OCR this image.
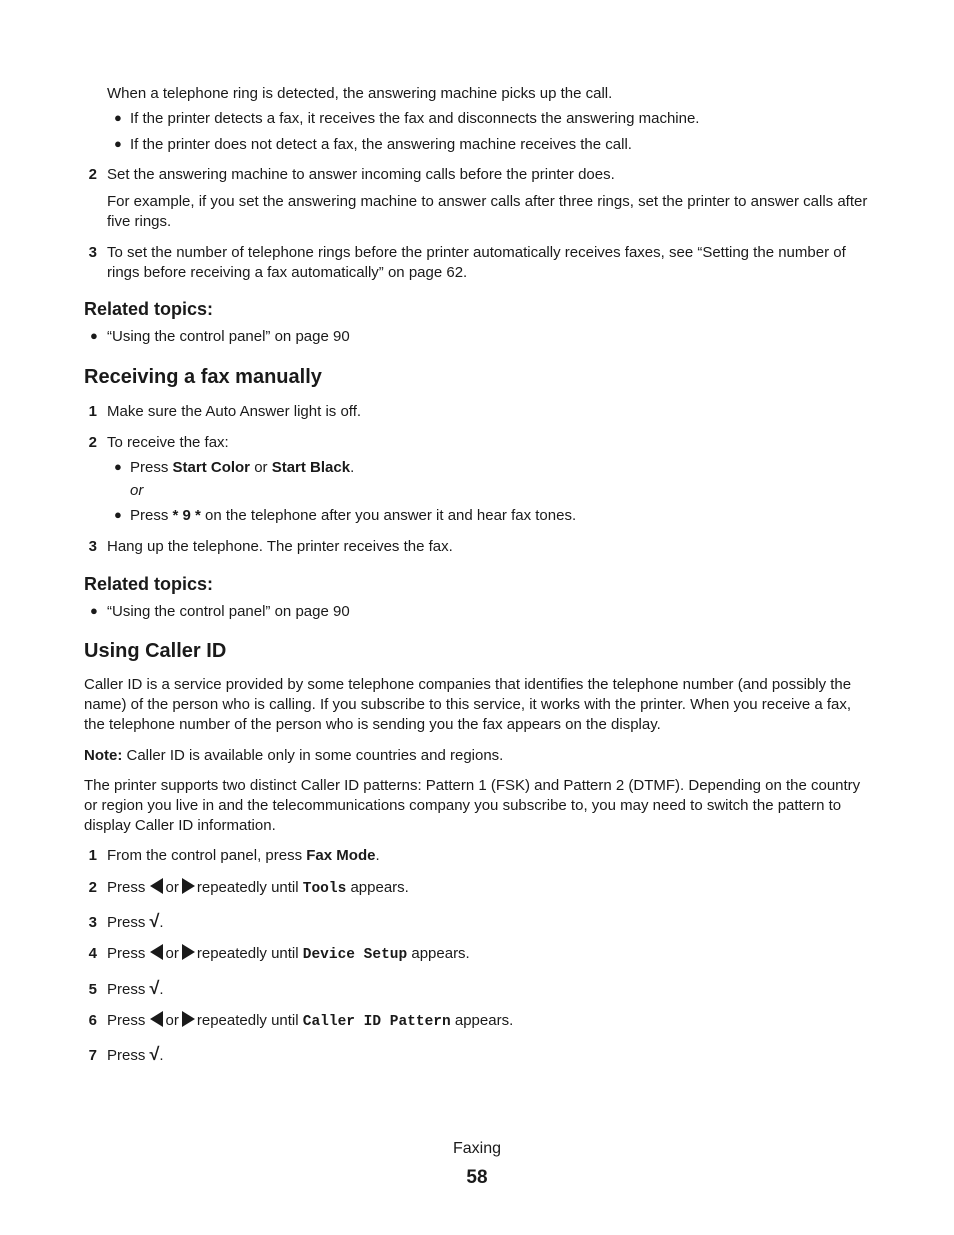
When a telephone ring is detected, the answering machine picks up the call.
● If the printer detects a fax, it receives the fax and disconnects the answering machine.
● If the printer does not detect a fax, the answering machine receives the call.
2 Set the answering machine to answer incoming calls before the printer does.
For example, if you set the answering machine to answer calls after three rings, set the printer to answer calls after five rings.
3 To set the number of telephone rings before the printer automatically receives faxes, see “Setting the number of rings before receiving a fax automatically” on page 62.
Related topics:
● “Using the control panel” on page 90
Receiving a fax manually
1 Make sure the Auto Answer light is off.
2 To receive the fax:
● Press Start Color or Start Black.
or
● Press * 9 * on the telephone after you answer it and hear fax tones.
3 Hang up the telephone. The printer receives the fax.
Related topics:
● “Using the control panel” on page 90
Using Caller ID
Caller ID is a service provided by some telephone companies that identifies the telephone number (and possibly the name) of the person who is calling. If you subscribe to this service, it works with the printer. When you receive a fax, the telephone number of the person who is sending you the fax appears on the display.
Note: Caller ID is available only in some countries and regions.
The printer supports two distinct Caller ID patterns: Pattern 1 (FSK) and Pattern 2 (DTMF). Depending on the country or region you live in and the telecommunications company you subscribe to, you may need to switch the pattern to display Caller ID information.
1 From the control panel, press Fax Mode.
2 Press or repeatedly until Tools appears.
3 Press √.
4 Press or repeatedly until Device Setup appears.
5 Press √.
6 Press or repeatedly until Caller ID Pattern appears.
7 Press √.
Faxing
58
